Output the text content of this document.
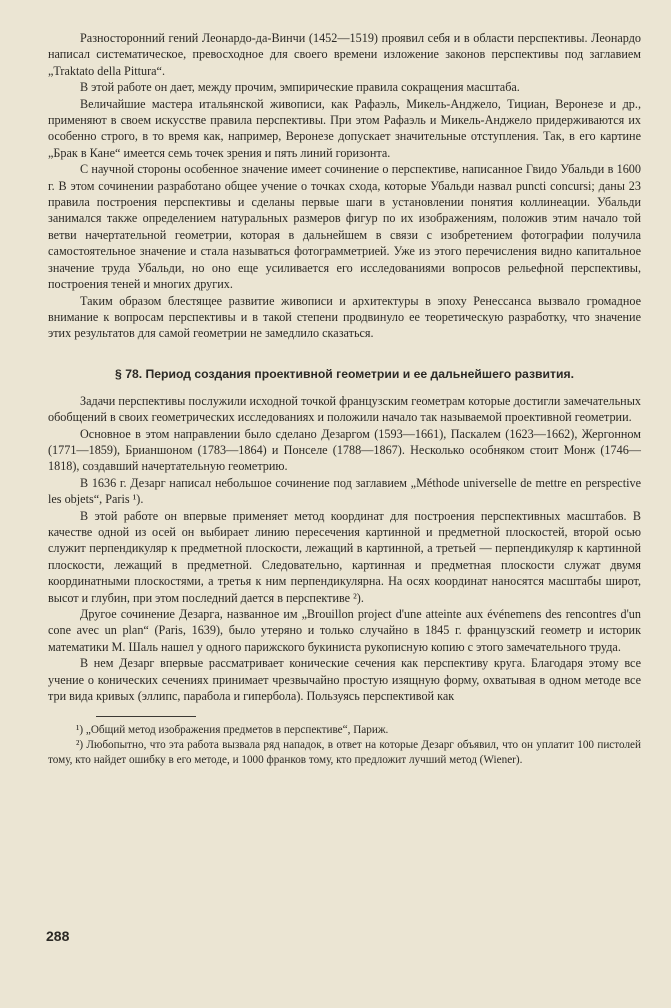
Разносторонний гений Леонардо-да-Винчи (1452—1519) проявил себя и в области перспективы. Леонардо написал систематическое, превосходное для своего времени изложение законов перспективы под заглавием „Traktato della Pittura“.

В этой работе он дает, между прочим, эмпирические правила сокращения масштаба.

Величайшие мастера итальянской живописи, как Рафаэль, Микель-Анджело, Тициан, Веронезе и др., применяют в своем искусстве правила перспективы. При этом Рафаэль и Микель-Анджело придерживаются их особенно строго, в то время как, например, Веронезе допускает значительные отступления. Так, в его картине „Брак в Кане“ имеется семь точек зрения и пять линий горизонта.

С научной стороны особенное значение имеет сочинение о перспективе, написанное Гвидо Убальди в 1600 г. В этом сочинении разработано общее учение о точках схода, которые Убальди назвал puncti concursi; даны 23 правила построения перспективы и сделаны первые шаги в установлении понятия коллинеации. Убальди занимался также определением натуральных размеров фигур по их изображениям, положив этим начало той ветви начертательной геометрии, которая в дальнейшем в связи с изобретением фотографии получила самостоятельное значение и стала называться фотограмметрией. Уже из этого перечисления видно капитальное значение труда Убальди, но оно еще усиливается его исследованиями вопросов рельефной перспективы, построения теней и многих других.

Таким образом блестящее развитие живописи и архитектуры в эпоху Ренессанса вызвало громадное внимание к вопросам перспективы и в такой степени продвинуло ее теоретическую разработку, что значение этих результатов для самой геометрии не замедлило сказаться.

§ 78. Период создания проективной геометрии и ее дальнейшего развития.

Задачи перспективы послужили исходной точкой французским геометрам которые достигли замечательных обобщений в своих геометрических исследованиях и положили начало так называемой проективной геометрии.

Основное в этом направлении было сделано Дезаргом (1593—1661), Паскалем (1623—1662), Жергонном (1771—1859), Брианшоном (1783—1864) и Понселе (1788—1867). Несколько особняком стоит Монж (1746—1818), создавший начертательную геометрию.

В 1636 г. Дезарг написал небольшое сочинение под заглавием „Méthode universelle de mettre en perspective les objets“, Paris ¹).

В этой работе он впервые применяет метод координат для построения перспективных масштабов. В качестве одной из осей он выбирает линию пересечения картинной и предметной плоскостей, второй осью служит перпендикуляр к предметной плоскости, лежащий в картинной, а третьей — перпендикуляр к картинной плоскости, лежащий в предметной. Следовательно, картинная и предметная плоскости служат двумя координатными плоскостями, а третья к ним перпендикулярна. На осях координат наносятся масштабы широт, высот и глубин, при этом последний дается в перспективе ²).

Другое сочинение Дезарга, названное им „Brouillon project d'une atteinte aux événemens des rencontres d'un cone avec un plan“ (Paris, 1639), было утеряно и только случайно в 1845 г. французский геометр и историк математики М. Шаль нашел у одного парижского букиниста рукописную копию с этого замечательного труда.

В нем Дезарг впервые рассматривает конические сечения как перспективу круга. Благодаря этому все учение о конических сечениях принимает чрезвычайно простую изящную форму, охватывая в одном методе все три вида кривых (эллипс, парабола и гипербола). Пользуясь перспективой как

¹) „Общий метод изображения предметов в перспективе“, Париж.

²) Любопытно, что эта работа вызвала ряд нападок, в ответ на которые Дезарг объявил, что он уплатит 100 пистолей тому, кто найдет ошибку в его методе, и 1000 франков тому, кто предложит лучший метод (Wiener).

288
